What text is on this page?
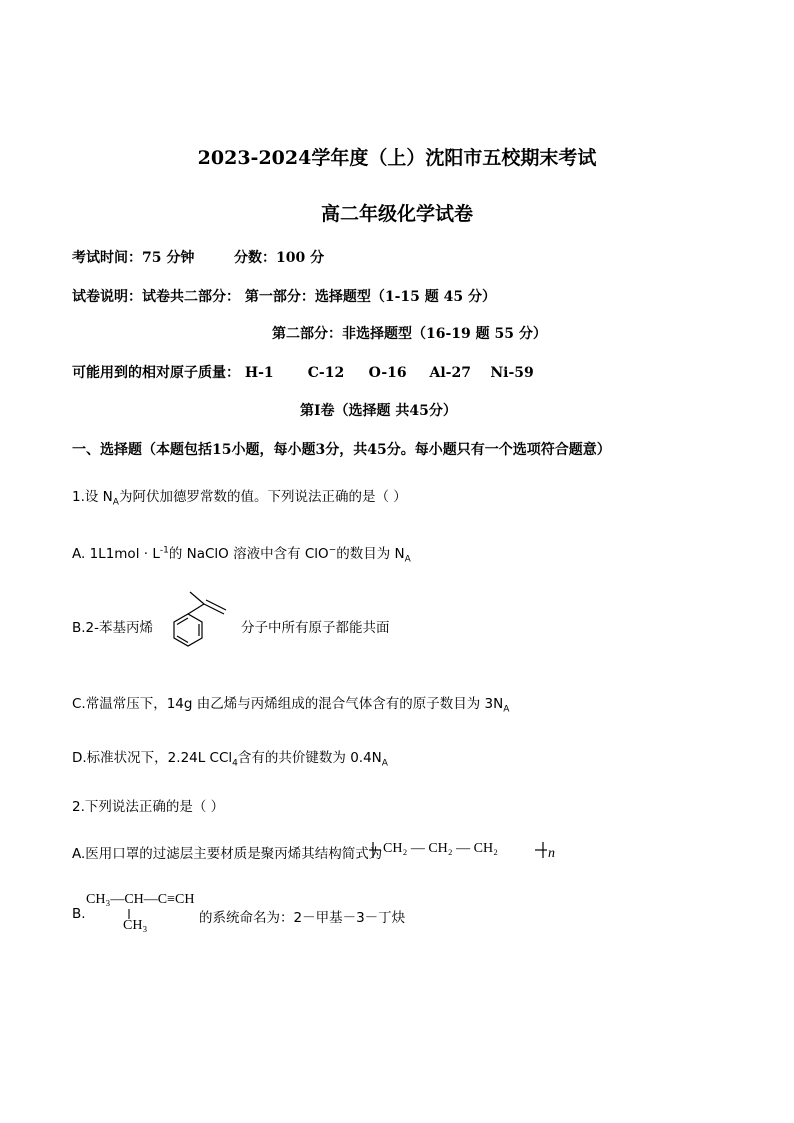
2023-2024学年度（上）沈阳市五校期末考试
高二年级化学试卷
考试时间：75 分钟	分数：100 分
试卷说明：试卷共二部分： 第一部分：选择题型（1-15 题 45 分）
第二部分：非选择题型（16-19 题 55 分）
可能用到的相对原子质量： H-1 C-12 O-16 Al-27 Ni-59
第Ⅰ卷（选择题 共45分）
一、选择题（本题包括15小题，每小题3分，共45分。每小题只有一个选项符合题意）
1.设 $N_A$为阿伏加德罗常数的值。下列说法正确的是（ ）
A. $1L1mol \cdot L^{-1}$的 NaClO 溶液中含有 ClO−的数目为 $N_A$
B.2-苯基丙烯	分子中所有原子都能共面
C.常温常压下，14g 由乙烯与丙烯组成的混合气体含有的原子数目为 $3N_A$
D.标准状况下，2.24L CCl$_4$含有的共价键数为 $0.4N_A$
2.下列说法正确的是（ ）
A.医用口罩的过滤层主要材质是聚丙烯其结构简式为 CH₂ — CH₂ — CH₂	n
B.
CH₃—CH—C≡CH
CH₃	的系统命名为：2－甲基－3－丁炔
